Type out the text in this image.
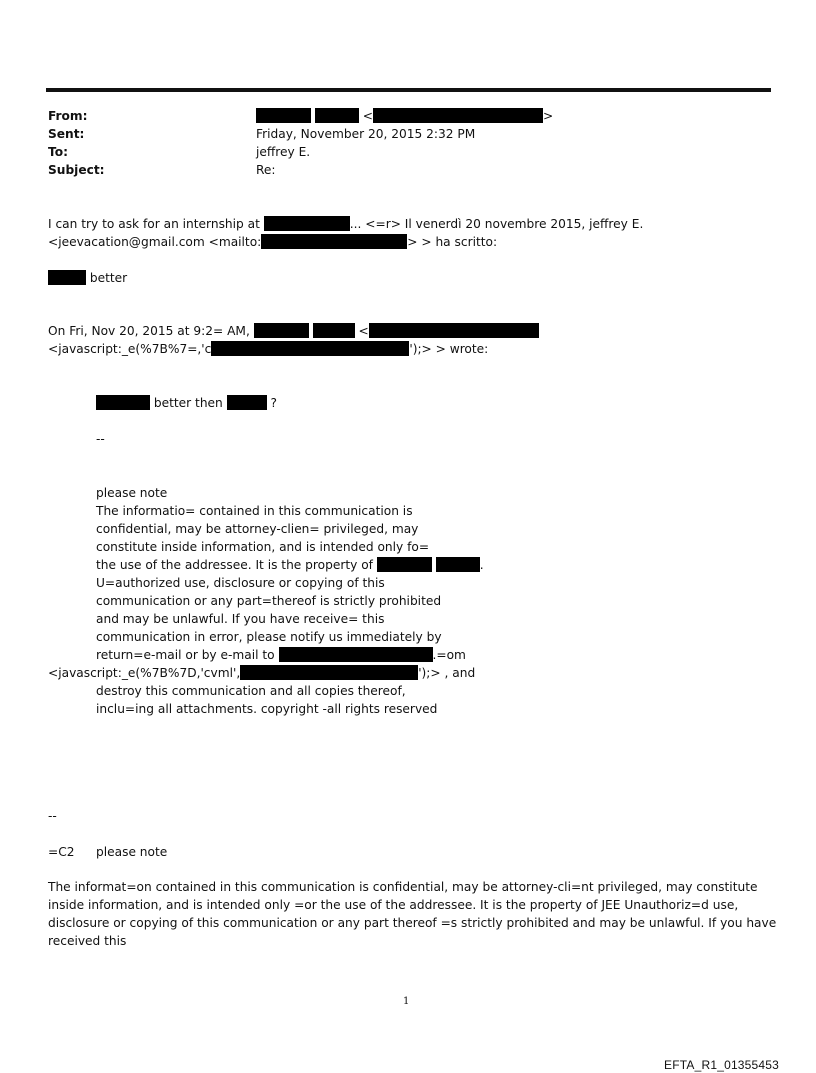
From:	<	>
Sent:	Friday, November 20, 2015 2:32 PM
To:	jeffrey E.
Subject:	Re:
I can try to ask for an internship at	... <=r> Il venerdì 20 novembre 2015, jeffrey E.
<jeevacation@gmail.com <mailto:	> > ha scritto:
better
On Fri, Nov 20, 2015 at 9:2= AM,	<
<javascript:_e(%7B%7=,'c	');> > wrote:
better then	?
--
please note
The informatio= contained in this communication is
confidential, may be attorney-clien= privileged, may
constitute inside information, and is intended only fo=
the use of the addressee. It is the property of	.
U=authorized use, disclosure or copying of this
communication or any part=thereof is strictly prohibited
and may be unlawful. If you have receive= this
communication in error, please notify us immediately by
return=e-mail or by e-mail to	.=om
<javascript:_e(%7B%7D,'cvml',	');> , and
destroy this communication and all copies thereof,
inclu=ing all attachments. copyright -all rights reserved
--
=C2 please note
The informat=on contained in this communication is confidential, may be attorney-cli=nt privileged, may constitute
inside information, and is intended only =or the use of the addressee. It is the property of JEE Unauthoriz=d use,
disclosure or copying of this communication or any part thereof =s strictly prohibited and may be unlawful. If you have
received this
1
EFTA_R1_01355453
